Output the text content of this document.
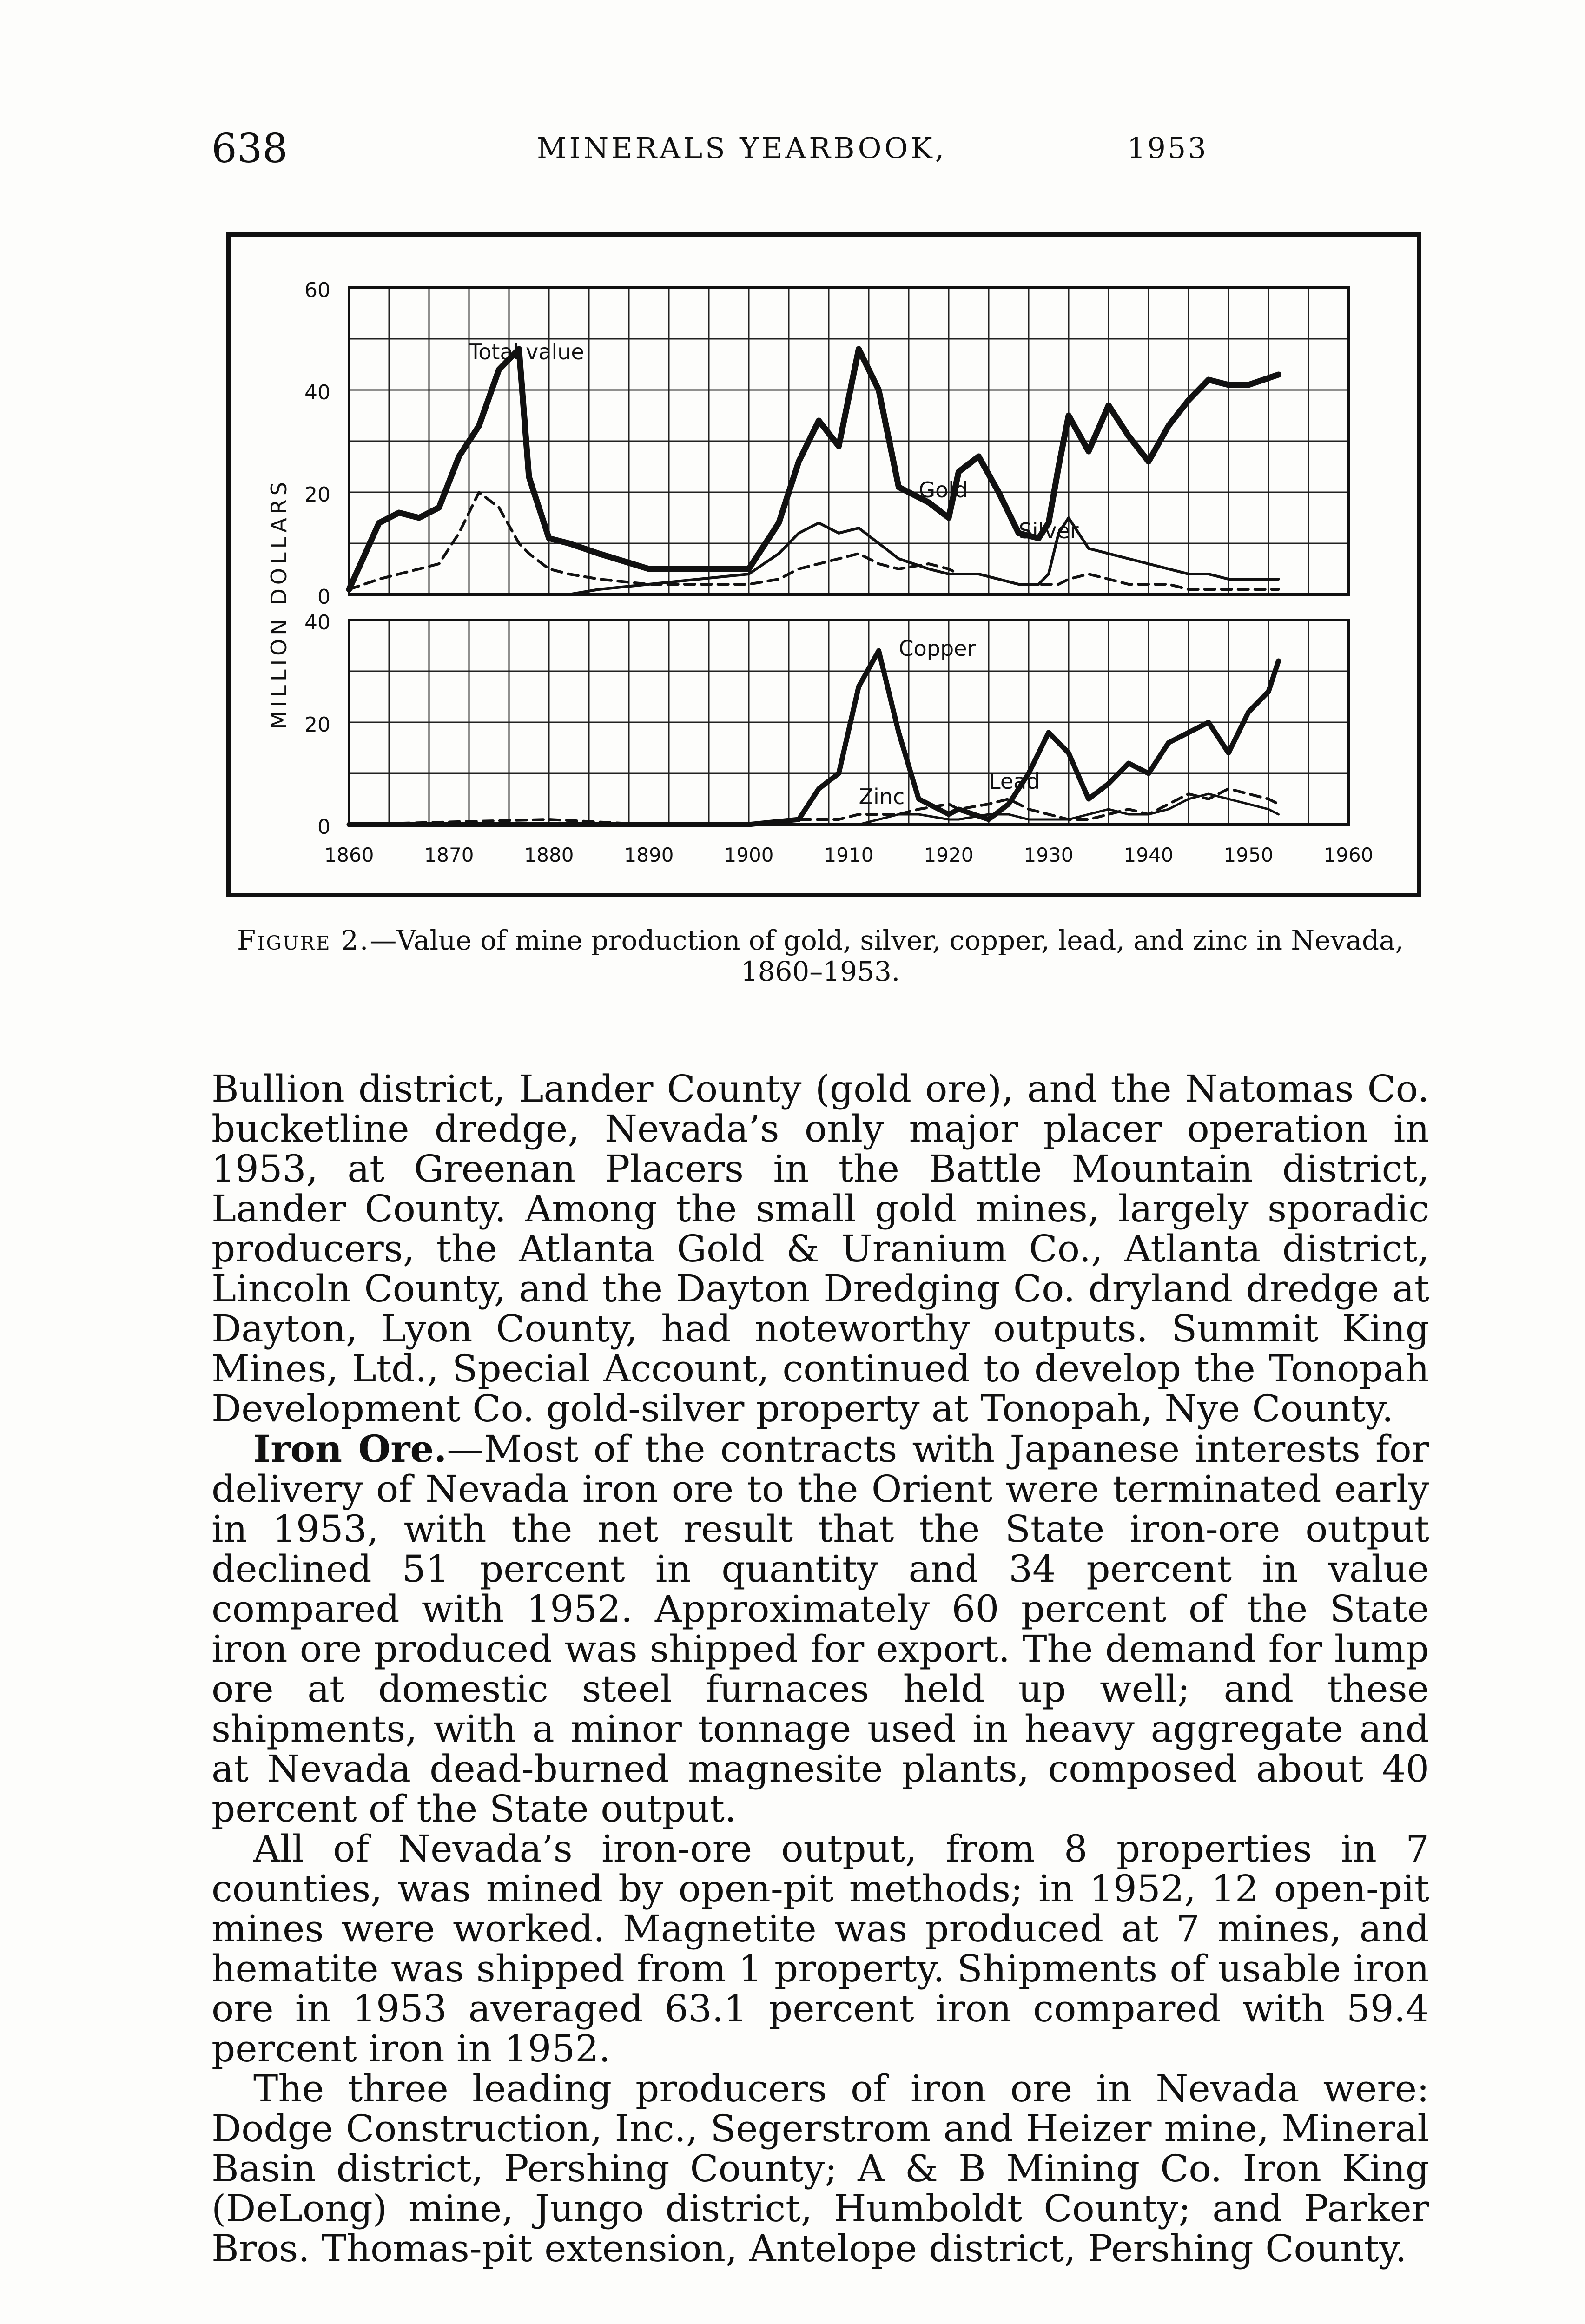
638	MINERALS YEARBOOK,	1953
0
20
40
60
Total value
Gold
Silver
0
20
40
Copper
Lead
Zinc
MILLION DOLLARS
1860	1870	1880	1890	1900	1910	1920	1930	1940	1950	1960
Figure 2.—Value of mine production of gold, silver, copper, lead, and zinc in Nevada, 1860–1953.

Bullion district, Lander County (gold ore), and the Natomas Co. bucketline dredge, Nevada’s only major placer operation in 1953, at Greenan Placers in the Battle Mountain district, Lander County. Among the small gold mines, largely sporadic producers, the Atlanta Gold & Uranium Co., Atlanta district, Lincoln County, and the Dayton Dredging Co. dryland dredge at Dayton, Lyon County, had noteworthy outputs. Summit King Mines, Ltd., Special Account, continued to develop the Tonopah Development Co. gold-silver property at Tonopah, Nye County.

Iron Ore.—Most of the contracts with Japanese interests for delivery of Nevada iron ore to the Orient were terminated early in 1953, with the net result that the State iron-ore output declined 51 percent in quantity and 34 percent in value compared with 1952. Approximately 60 percent of the State iron ore produced was shipped for export. The demand for lump ore at domestic steel furnaces held up well; and these shipments, with a minor tonnage used in heavy aggregate and at Nevada dead-burned magnesite plants, composed about 40 percent of the State output.

All of Nevada’s iron-ore output, from 8 properties in 7 counties, was mined by open-pit methods; in 1952, 12 open-pit mines were worked. Magnetite was produced at 7 mines, and hematite was shipped from 1 property. Shipments of usable iron ore in 1953 averaged 63.1 percent iron compared with 59.4 percent iron in 1952.

The three leading producers of iron ore in Nevada were: Dodge Construction, Inc., Segerstrom and Heizer mine, Mineral Basin district, Pershing County; A & B Mining Co. Iron King (DeLong) mine, Jungo district, Humboldt County; and Parker Bros. Thomas-pit extension, Antelope district, Pershing County.
